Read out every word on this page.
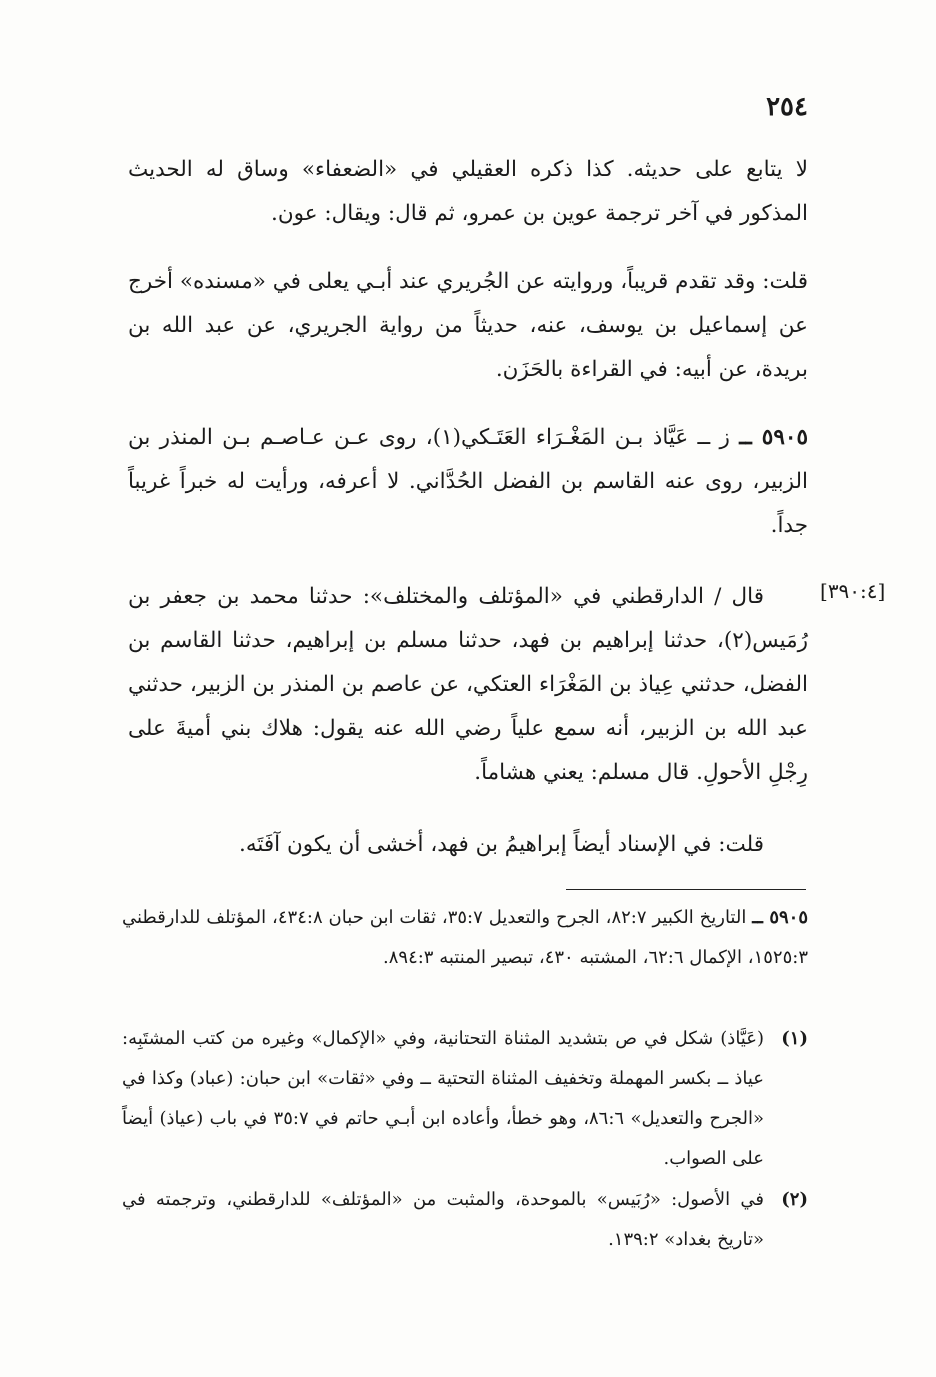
٢٥٤
لا يتابع على حديثه. كذا ذكره العقيلي في «الضعفاء» وساق له الحديث المذكور في آخر ترجمة عوين بن عمرو، ثم قال: ويقال: عون.
قلت: وقد تقدم قريباً، وروايته عن الجُريري عند أبـي يعلى في «مسنده» أخرج عن إسماعيل بن يوسف، عنه، حديثاً من رواية الجريري، عن عبد الله بن بريدة، عن أبيه: في القراءة بالحَزَن.
٥٩٠٥ ــ ز ــ عَيَّاذ بـن المَغْـرَاء العَتَـكي(١)، روى عـن عـاصـم بـن المنذر بن الزبير، روى عنه القاسم بن الفضل الحُدَّاني. لا أعرفه، ورأيت له خبراً غريباً جداً.
[٣٩٠:٤]
قال / الدارقطني في «المؤتلف والمختلف»: حدثنا محمد بن جعفر بن رُمَيس(٢)، حدثنا إبراهيم بن فهد، حدثنا مسلم بن إبراهيم، حدثنا القاسم بن الفضل، حدثني عِياذ بن المَغْرَاء العتكي، عن عاصم بن المنذر بن الزبير، حدثني عبد الله بن الزبير، أنه سمع علياً رضي الله عنه يقول: هلاك بني أميةَ على رِجْلِ الأحولِ. قال مسلم: يعني هشاماً.
قلت: في الإسناد أيضاً إبراهيمُ بن فهد، أخشى أن يكون آفَتَه.
٥٩٠٥ ــ التاريخ الكبير ٨٢:٧، الجرح والتعديل ٣٥:٧، ثقات ابن حبان ٤٣٤:٨، المؤتلف للدارقطني ١٥٢٥:٣، الإكمال ٦٢:٦، المشتبه ٤٣٠، تبصير المنتبه ٨٩٤:٣.
(١)
(عَيَّاذ) شكل في ص بتشديد المثناة التحتانية، وفي «الإكمال» وغيره من كتب المشتَبِه: عياذ ــ بكسر المهملة وتخفيف المثناة التحتية ــ وفي «ثقات» ابن حبان: (عباد) وكذا في «الجرح والتعديل» ٨٦:٦، وهو خطأ، وأعاده ابن أبـي حاتم في ٣٥:٧ في باب (عياذ) أيضاً على الصواب.
(٢)
في الأصول: «رُبَيس» بالموحدة، والمثبت من «المؤتلف» للدارقطني، وترجمته في «تاريخ بغداد» ١٣٩:٢.
